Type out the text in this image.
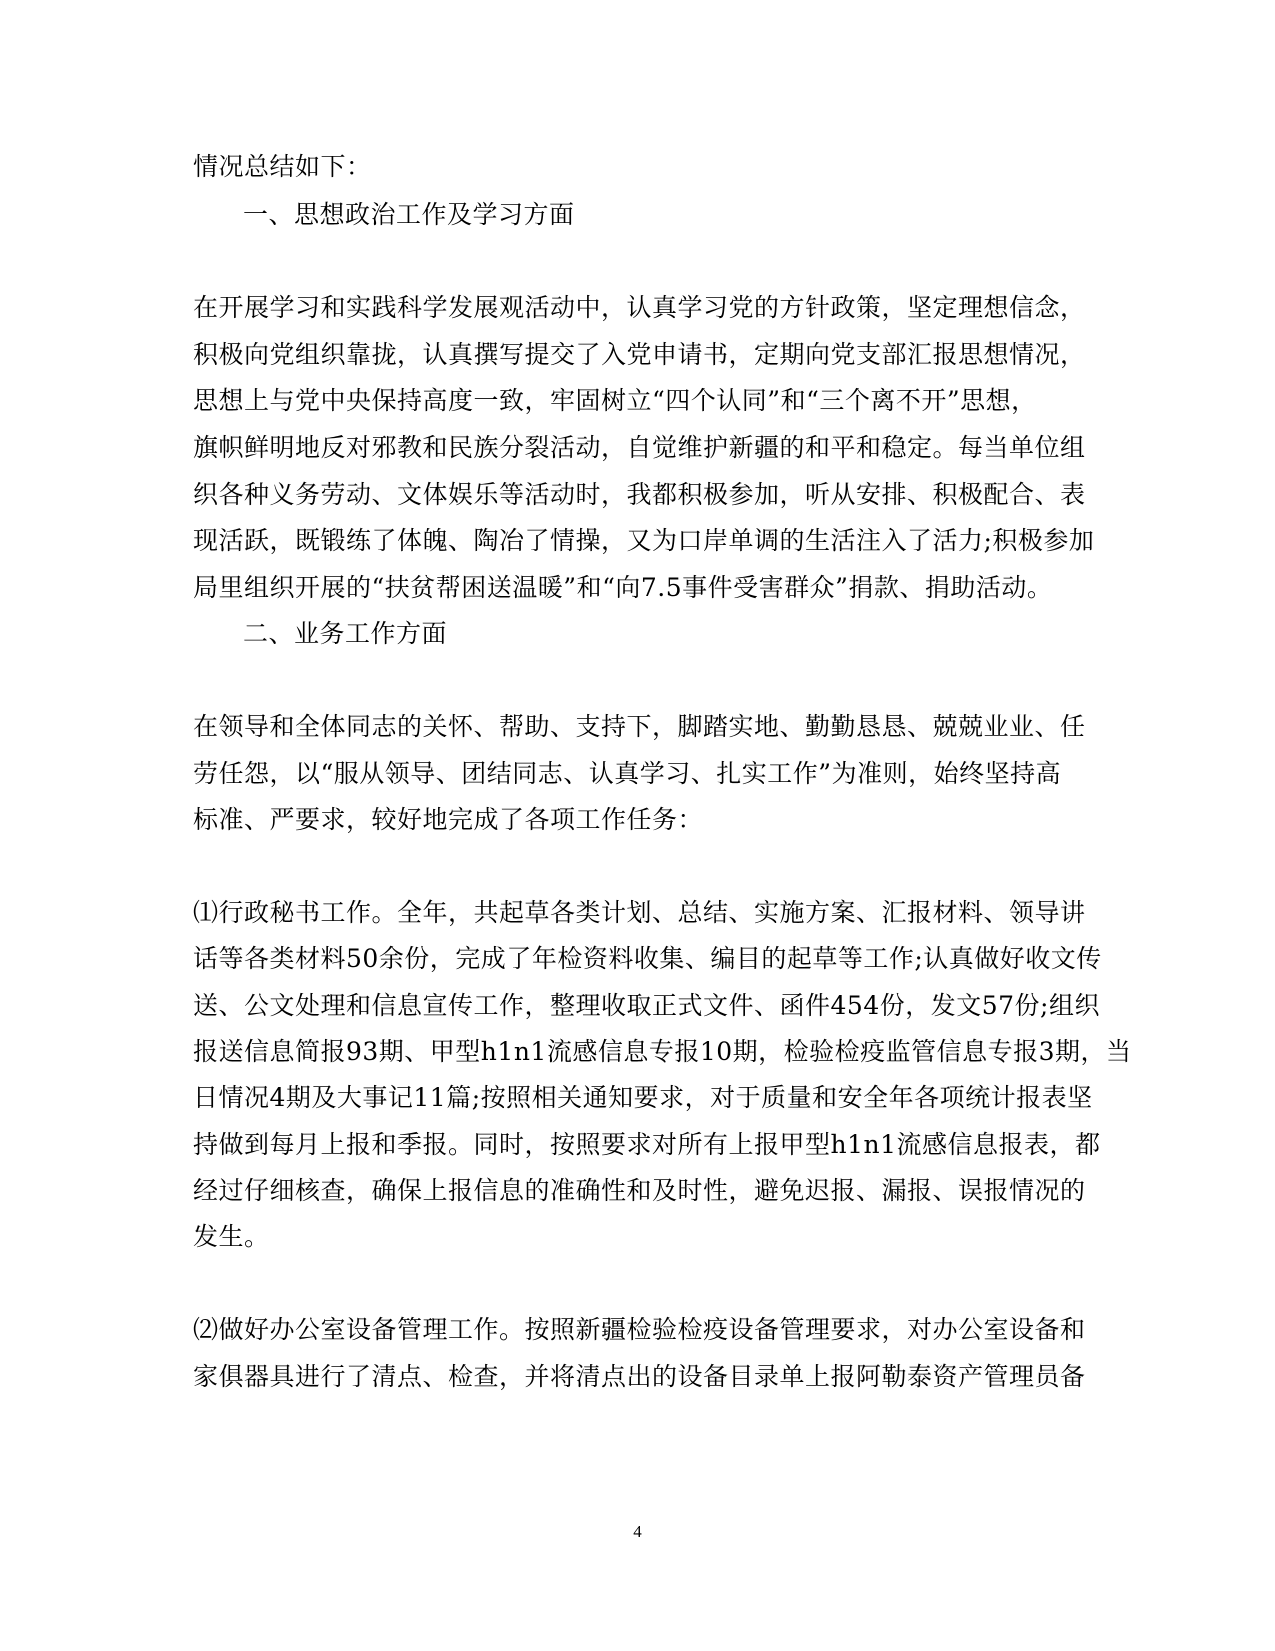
情况总结如下：
一、思想政治工作及学习方面
在开展学习和实践科学发展观活动中，认真学习党的方针政策，坚定理想信念，
积极向党组织靠拢，认真撰写提交了入党申请书，定期向党支部汇报思想情况，
思想上与党中央保持高度一致，牢固树立“四个认同”和“三个离不开”思想，
旗帜鲜明地反对邪教和民族分裂活动，自觉维护新疆的和平和稳定。每当单位组
织各种义务劳动、文体娱乐等活动时，我都积极参加，听从安排、积极配合、表
现活跃，既锻练了体魄、陶冶了情操，又为口岸单调的生活注入了活力;积极参加
局里组织开展的“扶贫帮困送温暖”和“向7.5事件受害群众”捐款、捐助活动。
二、业务工作方面
在领导和全体同志的关怀、帮助、支持下，脚踏实地、勤勤恳恳、兢兢业业、任
劳任怨，以“服从领导、团结同志、认真学习、扎实工作”为准则，始终坚持高
标准、严要求，较好地完成了各项工作任务：
⑴行政秘书工作。全年，共起草各类计划、总结、实施方案、汇报材料、领导讲
话等各类材料50余份，完成了年检资料收集、编目的起草等工作;认真做好收文传
送、公文处理和信息宣传工作，整理收取正式文件、函件454份，发文57份;组织
报送信息简报93期、甲型h1n1流感信息专报10期，检验检疫监管信息专报3期，当
日情况4期及大事记11篇;按照相关通知要求，对于质量和安全年各项统计报表坚
持做到每月上报和季报。同时，按照要求对所有上报甲型h1n1流感信息报表，都
经过仔细核查，确保上报信息的准确性和及时性，避免迟报、漏报、误报情况的
发生。
⑵做好办公室设备管理工作。按照新疆检验检疫设备管理要求，对办公室设备和
家俱器具进行了清点、检查，并将清点出的设备目录单上报阿勒泰资产管理员备
4
